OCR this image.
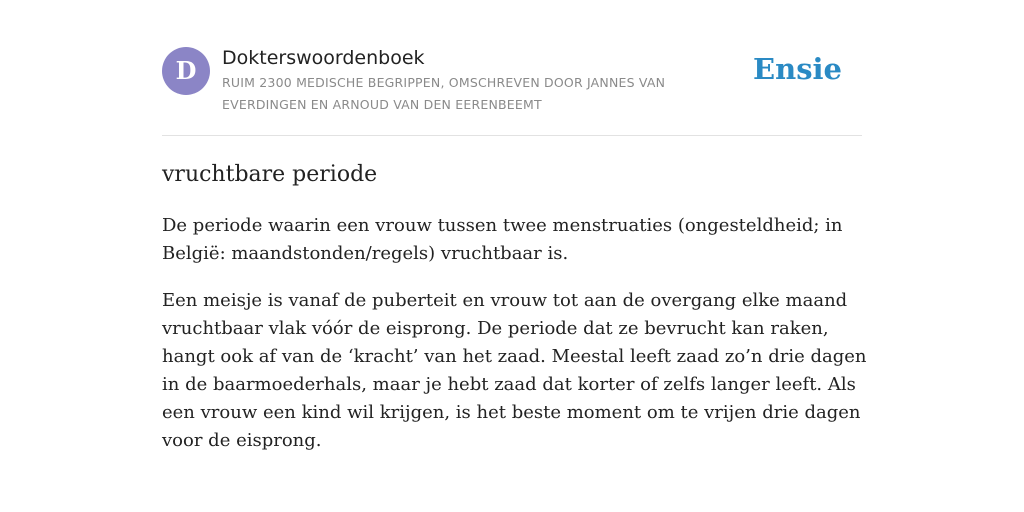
D	Dokterswoordenboek
RUIM 2300 MEDISCHE BEGRIPPEN, OMSCHREVEN DOOR JANNES VAN EVERDINGEN EN ARNOUD VAN DEN EERENBEEMT
Ensie
vruchtbare periode

De periode waarin een vrouw tussen twee menstruaties (ongesteldheid; in België: maandstonden/regels) vruchtbaar is.

Een meisje is vanaf de puberteit en vrouw tot aan de overgang elke maand vruchtbaar vlak vóór de eisprong. De periode dat ze bevrucht kan raken, hangt ook af van de ‘kracht’ van het zaad. Meestal leeft zaad zo’n drie dagen in de baarmoederhals, maar je hebt zaad dat korter of zelfs langer leeft. Als een vrouw een kind wil krijgen, is het beste moment om te vrijen drie dagen voor de eisprong.
